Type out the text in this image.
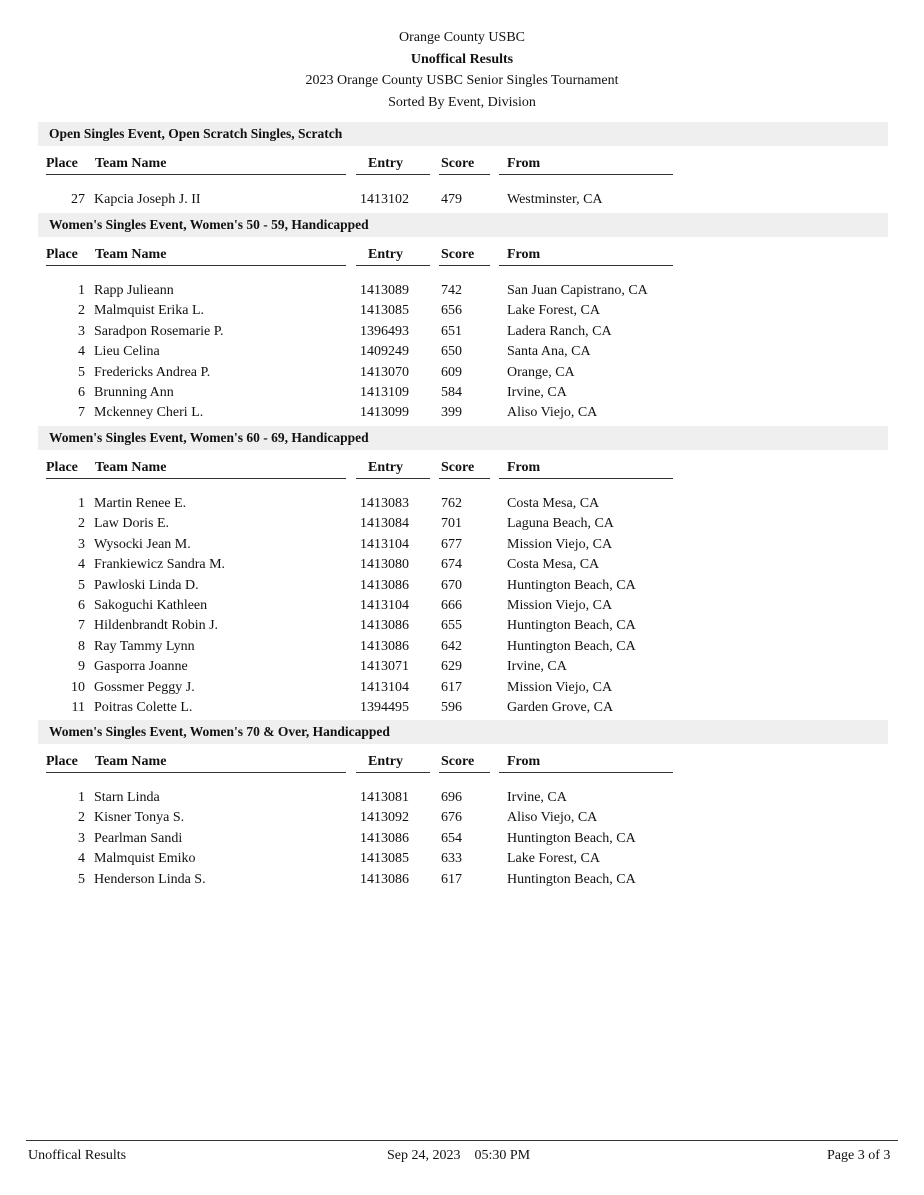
Orange County USBC
Unoffical Results
2023 Orange County USBC Senior Singles Tournament
Sorted By Event, Division
Open Singles Event, Open Scratch Singles, Scratch
Place Team Name	Entry	Score From
27 Kapcia Joseph J. II	1413102 479	Westminster, CA
Women's Singles Event, Women's 50 - 59, Handicapped
Place Team Name	Entry	Score From
1 Rapp Julieann	1413089 742	San Juan Capistrano, CA
2 Malmquist Erika L.	1413085 656	Lake Forest, CA
3 Saradpon Rosemarie P.	1396493 651	Ladera Ranch, CA
4 Lieu Celina	1409249 650	Santa Ana, CA
5 Fredericks Andrea P.	1413070 609	Orange, CA
6 Brunning Ann	1413109 584	Irvine, CA
7 Mckenney Cheri L.	1413099 399	Aliso Viejo, CA
Women's Singles Event, Women's 60 - 69, Handicapped
Place Team Name	Entry	Score From
1 Martin Renee E.	1413083 762	Costa Mesa, CA
2 Law Doris E.	1413084 701	Laguna Beach, CA
3 Wysocki Jean M.	1413104 677	Mission Viejo, CA
4 Frankiewicz Sandra M.	1413080 674	Costa Mesa, CA
5 Pawloski Linda D.	1413086 670	Huntington Beach, CA
6 Sakoguchi Kathleen	1413104 666	Mission Viejo, CA
7 Hildenbrandt Robin J.	1413086 655	Huntington Beach, CA
8 Ray Tammy Lynn	1413086 642	Huntington Beach, CA
9 Gasporra Joanne	1413071 629	Irvine, CA
10 Gossmer Peggy J.	1413104 617	Mission Viejo, CA
11 Poitras Colette L.	1394495 596	Garden Grove, CA
Women's Singles Event, Women's 70 & Over, Handicapped
Place Team Name	Entry	Score From
1 Starn Linda	1413081 696	Irvine, CA
2 Kisner Tonya S.	1413092 676	Aliso Viejo, CA
3 Pearlman Sandi	1413086 654	Huntington Beach, CA
4 Malmquist Emiko	1413085 633	Lake Forest, CA
5 Henderson Linda S.	1413086 617	Huntington Beach, CA
Unoffical Results	Sep 24, 2023 05:30 PM	Page 3 of 3
